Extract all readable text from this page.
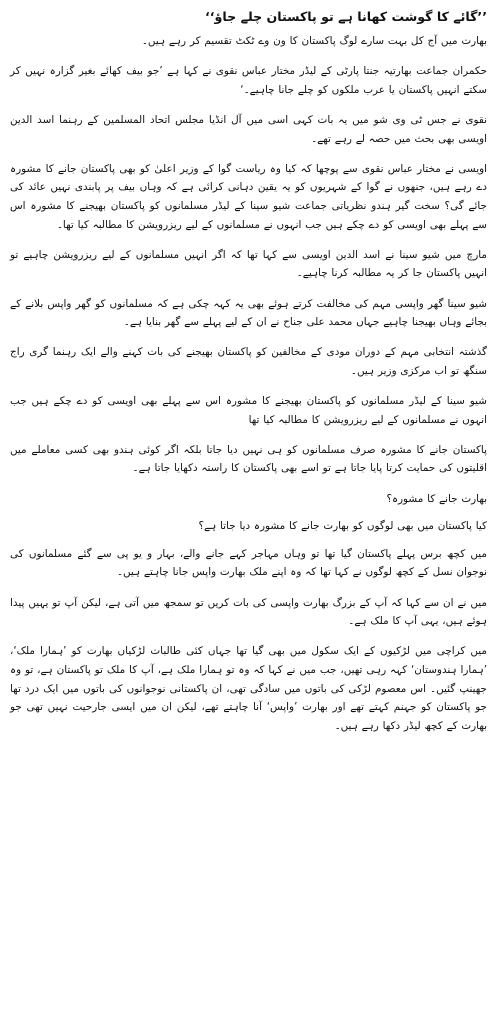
’’گائے کا گوشت کھانا ہے تو پاکستان چلے جاؤ‘‘

بھارت میں آج کل بہت سارے لوگ پاکستان کا ون وے ٹکٹ تقسیم کر رہے ہیں۔

حکمران جماعت بھارتیہ جنتا پارٹی کے لیڈر مختار عباس نقوی نے کہا ہے ’جو بیف کھائے بغیر گزارہ نہیں کر سکتے انہیں پاکستان یا عرب ملکوں کو چلے جانا چاہیے۔‘

نقوی نے جس ٹی وی شو میں یہ بات کہی اسی میں آل انڈیا مجلس اتحاد المسلمین کے رہنما اسد الدین اویسی بھی بحث میں حصہ لے رہے تھے۔

اویسی نے مختار عباس نقوی سے پوچھا کہ کیا وہ ریاست گوا کے وزیر اعلیٰ کو بھی پاکستان جانے کا مشورہ دے رہے ہیں، جنھوں نے گوا کے شہریوں کو یہ یقین دہانی کرائی ہے کہ وہاں بیف پر پابندی نہیں عائد کی جائے گی؟ سخت گیر ہندو نظریاتی جماعت شیو سینا کے لیڈر مسلمانوں کو پاکستان بھیجنے کا مشورہ اس سے پہلے بھی اویسی کو دے چکے ہیں جب انہوں نے مسلمانوں کے لیے ریزرویشن کا مطالبہ کیا تھا۔

مارچ میں شیو سینا نے اسد الدین اویسی سے کہا تھا کہ اگر انہیں مسلمانوں کے لیے ریزرویشن چاہیے تو انہیں پاکستان جا کر یہ مطالبہ کرنا چاہیے۔

شیو سینا گھر واپسی مہم کی مخالفت کرتے ہوئے بھی یہ کہہ چکی ہے کہ مسلمانوں کو گھر واپس بلانے کے بجائے وہاں بھیجنا چاہیے جہاں محمد علی جناح نے ان کے لیے پہلے سے گھر بنایا ہے۔

گذشتہ انتخابی مہم کے دوران مودی کے مخالفین کو پاکستان بھیجنے کی بات کہنے والے ایک رہنما گری راج سنگھ تو اب مرکزی وزیر ہیں۔

شیو سینا کے لیڈر مسلمانوں کو پاکستان بھیجنے کا مشورہ اس سے پہلے بھی اویسی کو دے چکے ہیں جب انہوں نے مسلمانوں کے لیے ریزرویشن کا مطالبہ کیا تھا

پاکستان جانے کا مشورہ صرف مسلمانوں کو ہی نہیں دیا جاتا بلکہ اگر کوئی ہندو بھی کسی معاملے میں اقلیتوں کی حمایت کرتا پایا جاتا ہے تو اسے بھی پاکستان کا راستہ دکھایا جاتا ہے۔

بھارت جانے کا مشورہ؟

کیا پاکستان میں بھی لوگوں کو بھارت جانے کا مشورہ دیا جاتا ہے؟

میں کچھ برس پہلے پاکستان گیا تھا تو وہاں مہاجر کہے جانے والے، بہار و یو پی سے گئے مسلمانوں کی نوجوان نسل کے کچھ لوگوں نے کہا تھا کہ وہ اپنے ملک بھارت واپس جانا چاہتے ہیں۔

میں نے ان سے کہا کہ آپ کے بزرگ بھارت واپسی کی بات کریں تو سمجھ میں آتی ہے، لیکن آپ تو یہیں پیدا ہوئے ہیں، یہی آپ کا ملک ہے۔

میں کراچی میں لڑکیوں کے ایک سکول میں بھی گیا تھا جہاں کئی طالبات لڑکیاں بھارت کو ’ہمارا ملک‘، ’ہمارا ہندوستان‘ کہہ رہی تھیں، جب میں نے کہا کہ وہ تو ہمارا ملک ہے، آپ کا ملک تو پاکستان ہے، تو وہ جھینپ گئیں۔ اس معصوم لڑکی کی باتوں میں سادگی تھی، ان پاکستانی نوجوانوں کی باتوں میں ایک درد تھا جو پاکستان کو جہنم کہتے تھے اور بھارت ’واپس‘ آنا چاہتے تھے، لیکن ان میں ایسی جارحیت نہیں تھی جو بھارت کے کچھ لیڈر دکھا رہے ہیں۔
